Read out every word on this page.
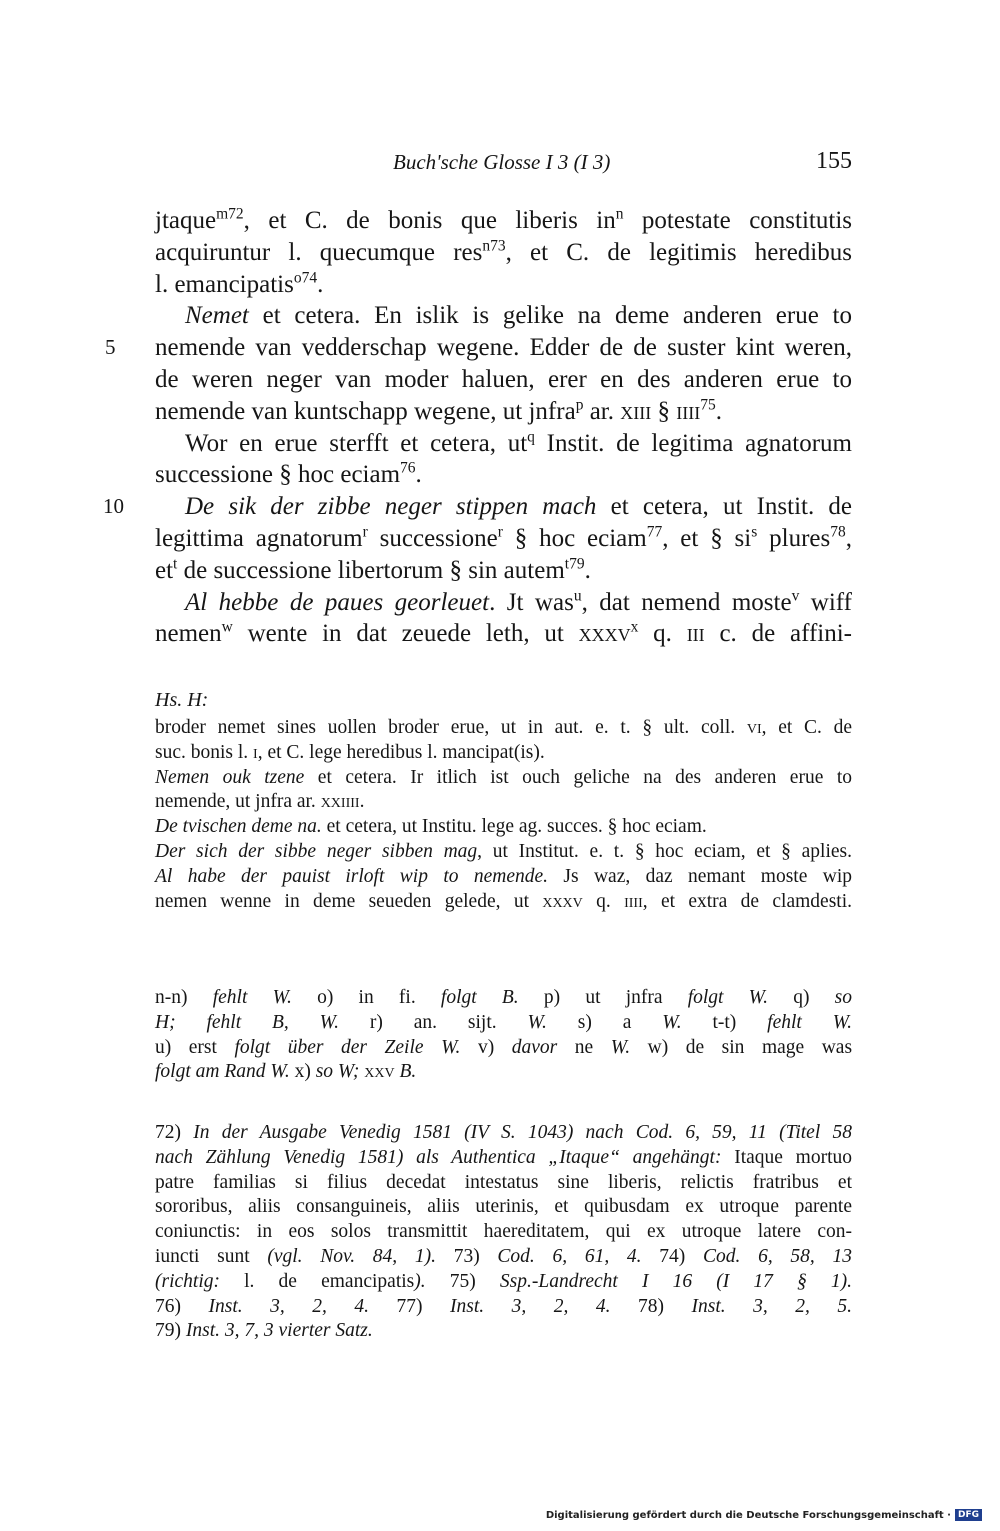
Buch'sche Glosse I 3 (I 3)	155
jtaque$^{m72}$, et C. de bonis que liberis $in^n$ potestate constitutis
acquiruntur l. quecumque res$^{n73}$, et C. de legitimis heredibus
l. emancipatis$^{o74}$.
Nemet et cetera. En islik is gelike na deme anderen erue to
5 nemende van vedderschap wegene. Edder de de suster kint weren,
de weren neger van moder haluen, erer en des anderen erue to
nemende van kuntschapp wegene, ut jnfra$^p$ ar. xiii § iiii$^{75}$.
Wor en erue sterfft et cetera, $ut^q$ Instit. de legitima agnatorum
successione § hoc eciam$^{76}$.
10	De sik der zibbe neger stippen mach et cetera, ut Instit. de
legittima agnatorum$^r$ successione$^r$ § hoc eciam$^{77}$, et § $si^s$ plures$^{78}$,
$et^t$ de successione libertorum § sin autem$^{t79}$.
Al hebbe de paues georleuet. Jt was$^u$, dat nemend moste$^v$ wiff
nemen$^w$ wente in dat zeuede leth, ut xxxv$^x$ q. iii c. de affini-
Hs. H:
broder nemet sines uollen broder erue, ut in aut. e. t. § ult. coll. vi, et C. de
suc. bonis l. i, et C. lege heredibus l. mancipat(is).
Nemen ouk tzene et cetera. Ir itlich ist ouch geliche na des anderen erue to
nemende, ut jnfra ar. xxiiii.
De tvischen deme na. et cetera, ut Institu. lege ag. succes. § hoc eciam.
Der sich der sibbe neger sibben mag, ut Institut. e. t. § hoc eciam, et § aplies.
Al habe der pauist irloft wip to nemende. Js waz, daz nemant moste wip
nemen wenne in deme seueden gelede, ut xxxv q. iiii, et extra de clamdesti.
n-n) fehlt W. o) in fi. folgt B. p) ut jnfra folgt W. q) so
H; fehlt B, W. r) an. sijt. W. s) a W. t-t) fehlt W.
u) erst folgt über der Zeile W. v) davor ne W. w) de sin mage was
folgt am Rand W. x) so W; xxv B.
72) In der Ausgabe Venedig 1581 (IV S. 1043) nach Cod. 6, 59, 11 (Titel 58
nach Zählung Venedig 1581) als Authentica „Itaque“ angehängt: Itaque mortuo
patre familias si filius decedat intestatus sine liberis, relictis fratribus et
sororibus, aliis consanguineis, aliis uterinis, et quibusdam ex utroque parente
coniunctis: in eos solos transmittit haereditatem, qui ex utroque latere con-
iuncti sunt (vgl. Nov. 84, 1). 73) Cod. 6, 61, 4. 74) Cod. 6, 58, 13
(richtig: l. de emancipatis). 75) Ssp.-Landrecht I 16 (I 17 § 1).
76) Inst. 3, 2, 4. 77) Inst. 3, 2, 4. 78) Inst. 3, 2, 5.
79) Inst. 3, 7, 3 vierter Satz.
Digitalisierung gefördert durch die Deutsche Forschungsgemeinschaft · DFG
